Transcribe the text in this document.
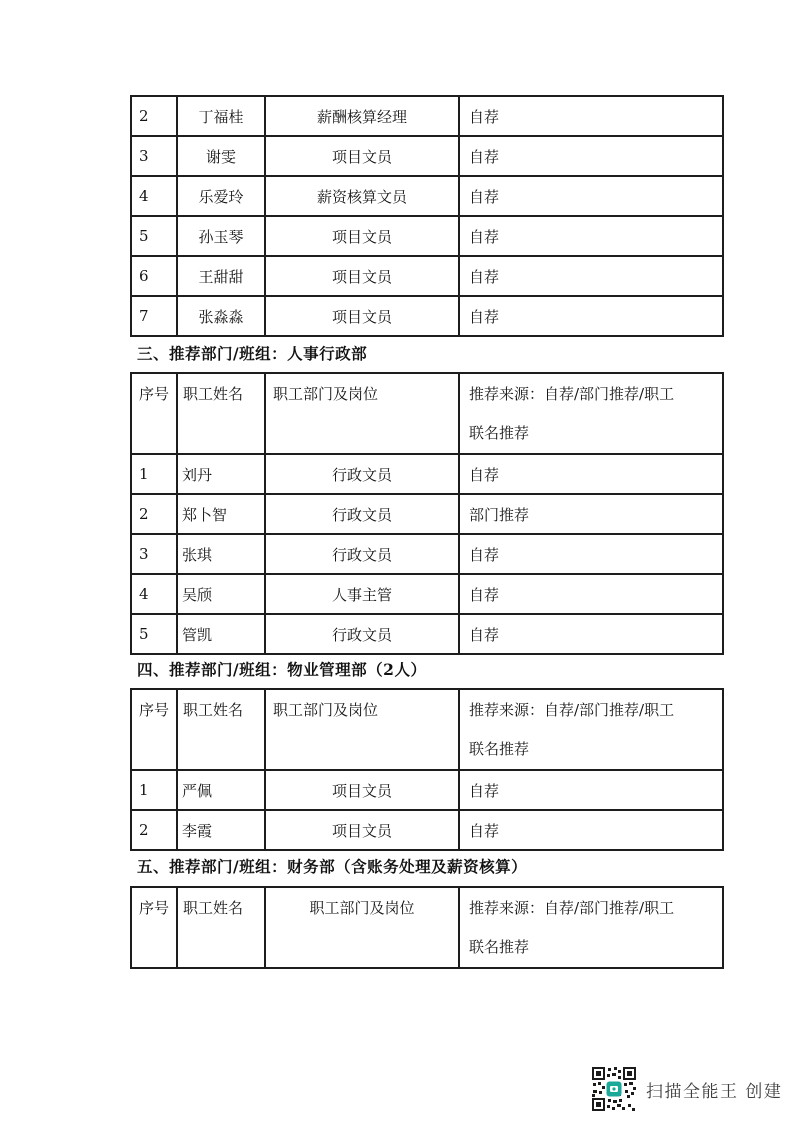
2	丁福桂	薪酬核算经理	自荐
3	谢雯	项目文员	自荐
4	乐爱玲	薪资核算文员	自荐
5	孙玉琴	项目文员	自荐
6	王甜甜	项目文员	自荐
7	张淼淼	项目文员	自荐
三、推荐部门/班组：人事行政部
序号	职工姓名	职工部门及岗位	推荐来源：自荐/部门推荐/职工
联名推荐

1	刘丹	行政文员	自荐
2	郑卜智	行政文员	部门推荐
3	张琪	行政文员	自荐
4	吴颀	人事主管	自荐
5	管凯	行政文员	自荐
四、推荐部门/班组：物业管理部（2人）
序号	职工姓名	职工部门及岗位	推荐来源：自荐/部门推荐/职工
联名推荐

1	严佩	项目文员	自荐
2	李霞	项目文员	自荐
五、推荐部门/班组：财务部（含账务处理及薪资核算）
序号	职工姓名	职工部门及岗位	推荐来源：自荐/部门推荐/职工
联名推荐
扫描全能王 创建
